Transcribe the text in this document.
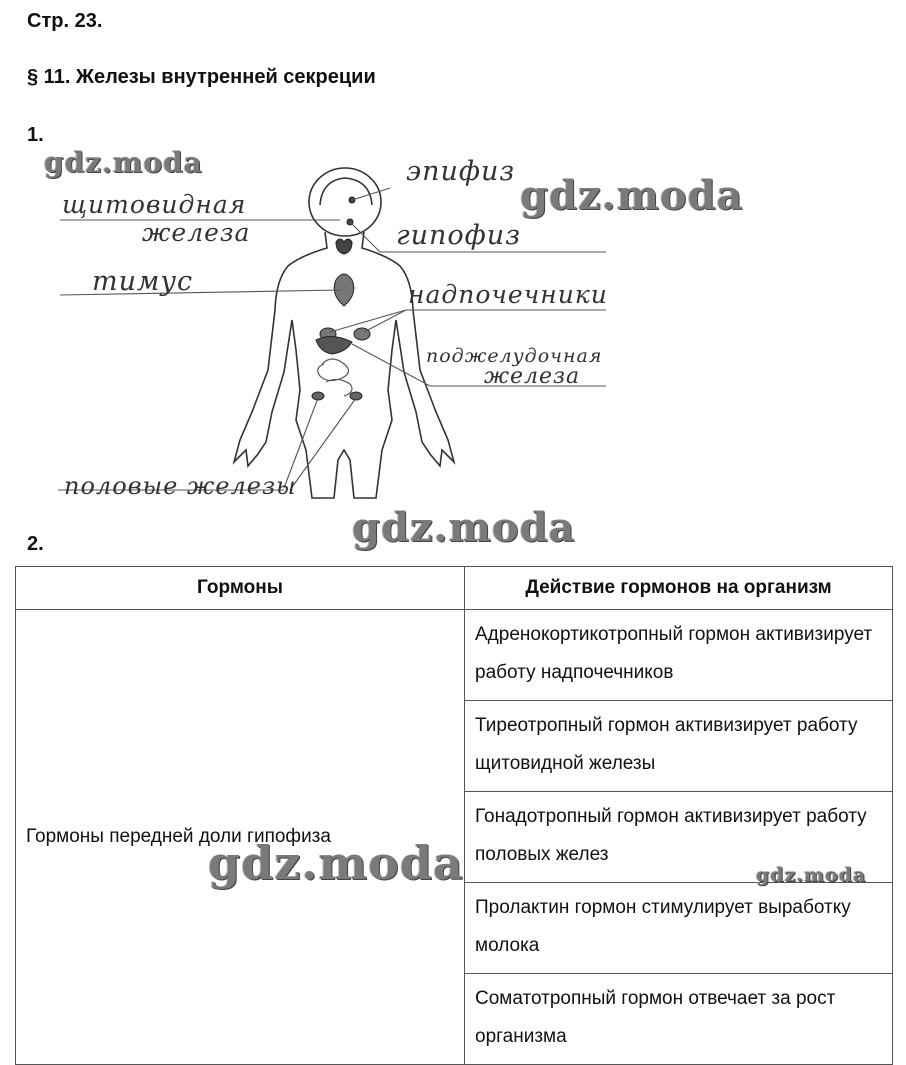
Стр. 23.
§ 11. Железы внутренней секреции
1.
эпифиз
щитовидная
железа	гипофиз
тимус	надпочечники
поджелудочная
железа
половые железы
gdz.moda
gdz.moda
gdz.moda
2.
Гормоны	Действие гормонов на организм
Гормоны передней доли гипофиза	Адренокортикотропный гормон активизирует работу надпочечников
	Тиреотропный гормон активизирует работу щитовидной железы
	Гонадотропный гормон активизирует работу половых желез
	Пролактин гормон стимулирует выработку молока
	Соматотропный гормон отвечает за рост организма
gdz.moda	gdz.moda
